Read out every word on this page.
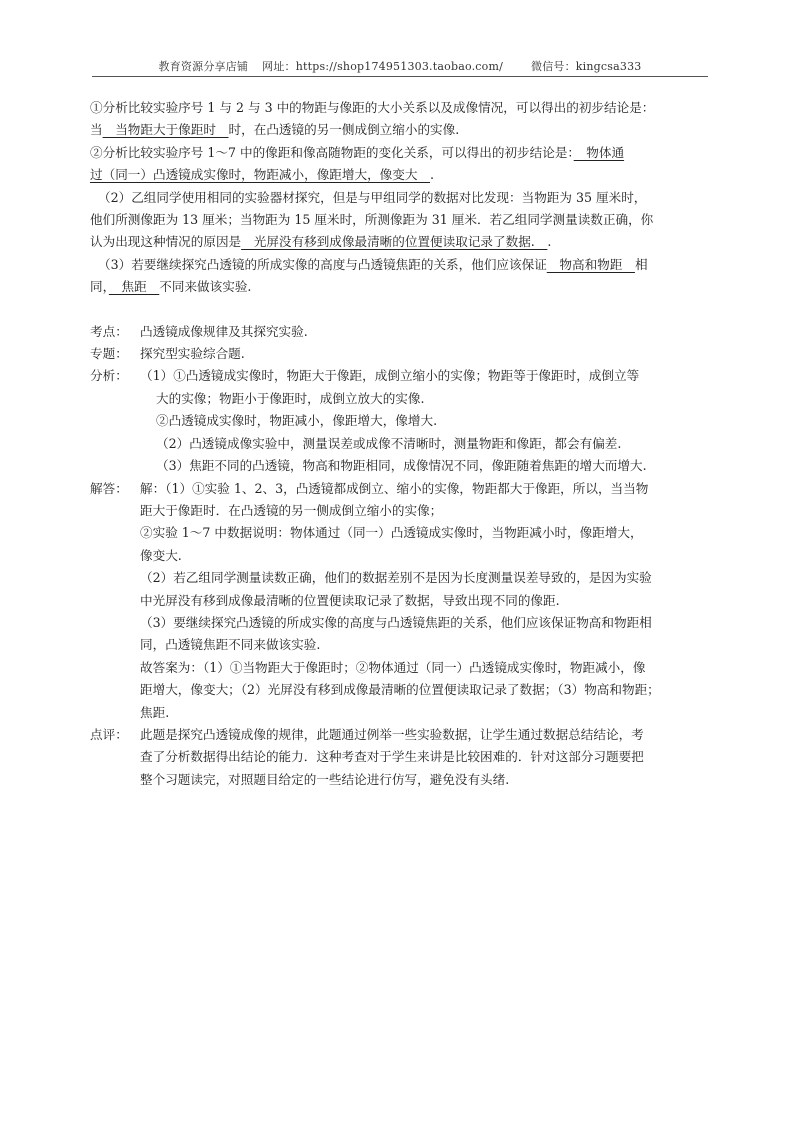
教育资源分享店铺 网址：https://shop174951303.taobao.com/	微信号：kingcsa333
①分析比较实验序号 1 与 2 与 3 中的物距与像距的大小关系以及成像情况，可以得出的初步结论是：
当　当物距大于像距时　时，在凸透镜的另一侧成倒立缩小的实像.
②分析比较实验序号 1～7 中的像距和像高随物距的变化关系，可以得出的初步结论是：　物体通
过（同一）凸透镜成实像时，物距减小，像距增大，像变大　.
（2）乙组同学使用相同的实验器材探究，但是与甲组同学的数据对比发现：当物距为 35 厘米时，
他们所测像距为 13 厘米；当物距为 15 厘米时，所测像距为 31 厘米．若乙组同学测量读数正确，你
认为出现这种情况的原因是　光屏没有移到成像最清晰的位置便读取记录了数据.　.
（3）若要继续探究凸透镜的所成实像的高度与凸透镜焦距的关系，他们应该保证　物高和物距　相
同，　焦距　不同来做该实验.
考点： 凸透镜成像规律及其探究实验.
专题： 探究型实验综合题.
分析： （1）①凸透镜成实像时，物距大于像距，成倒立缩小的实像；物距等于像距时，成倒立等
大的实像；物距小于像距时，成倒立放大的实像.
②凸透镜成实像时，物距减小，像距增大，像增大.
（2）凸透镜成像实验中，测量误差或成像不清晰时，测量物距和像距，都会有偏差.
（3）焦距不同的凸透镜，物高和物距相同，成像情况不同，像距随着焦距的增大而增大.
解答： 解：（1）①实验 1、2、3，凸透镜都成倒立、缩小的实像，物距都大于像距，所以，当当物
距大于像距时．在凸透镜的另一侧成倒立缩小的实像；
②实验 1～7 中数据说明：物体通过（同一）凸透镜成实像时，当物距减小时，像距增大，
像变大.
（2）若乙组同学测量读数正确，他们的数据差别不是因为长度测量误差导致的，是因为实验
中光屏没有移到成像最清晰的位置便读取记录了数据，导致出现不同的像距.
（3）要继续探究凸透镜的所成实像的高度与凸透镜焦距的关系，他们应该保证物高和物距相
同，凸透镜焦距不同来做该实验.
故答案为：（1）①当物距大于像距时；②物体通过（同一）凸透镜成实像时，物距减小，像
距增大，像变大；（2）光屏没有移到成像最清晰的位置便读取记录了数据；（3）物高和物距；
焦距.
点评： 此题是探究凸透镜成像的规律，此题通过例举一些实验数据，让学生通过数据总结结论，考
查了分析数据得出结论的能力．这种考查对于学生来讲是比较困难的．针对这部分习题要把
整个习题读完，对照题目给定的一些结论进行仿写，避免没有头绪.
